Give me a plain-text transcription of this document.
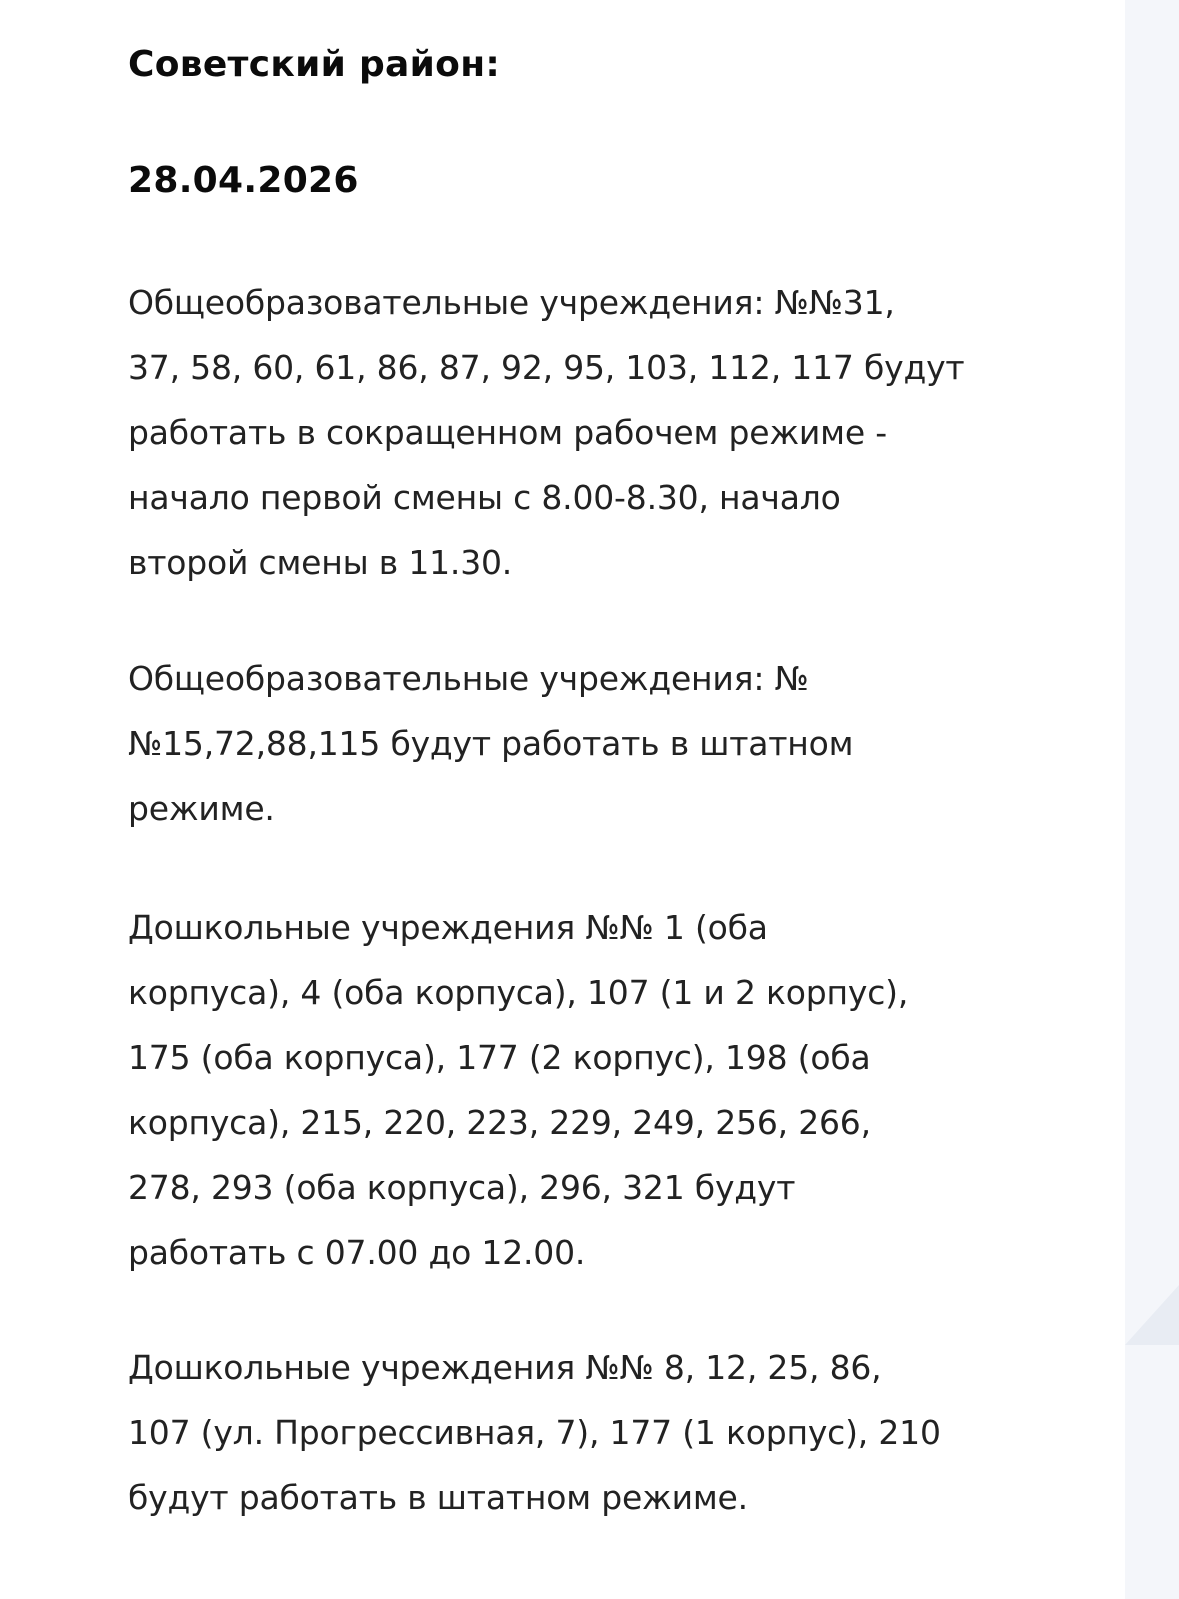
Советский район:
28.04.2026

Общеобразовательные учреждения: №№31,
37, 58, 60, 61, 86, 87, 92, 95, 103, 112, 117 будут
работать в сокращенном рабочем режиме -
начало первой смены с 8.00-8.30, начало
второй смены в 11.30.

Общеобразовательные учреждения: №
№15,72,88,115 будут работать в штатном
режиме.

Дошкольные учреждения №№ 1 (оба
корпуса), 4 (оба корпуса), 107 (1 и 2 корпус),
175 (оба корпуса), 177 (2 корпус), 198 (оба
корпуса), 215, 220, 223, 229, 249, 256, 266,
278, 293 (оба корпуса), 296, 321 будут
работать с 07.00 до 12.00.

Дошкольные учреждения №№ 8, 12, 25, 86,
107 (ул. Прогрессивная, 7), 177 (1 корпус), 210
будут работать в штатном режиме.
